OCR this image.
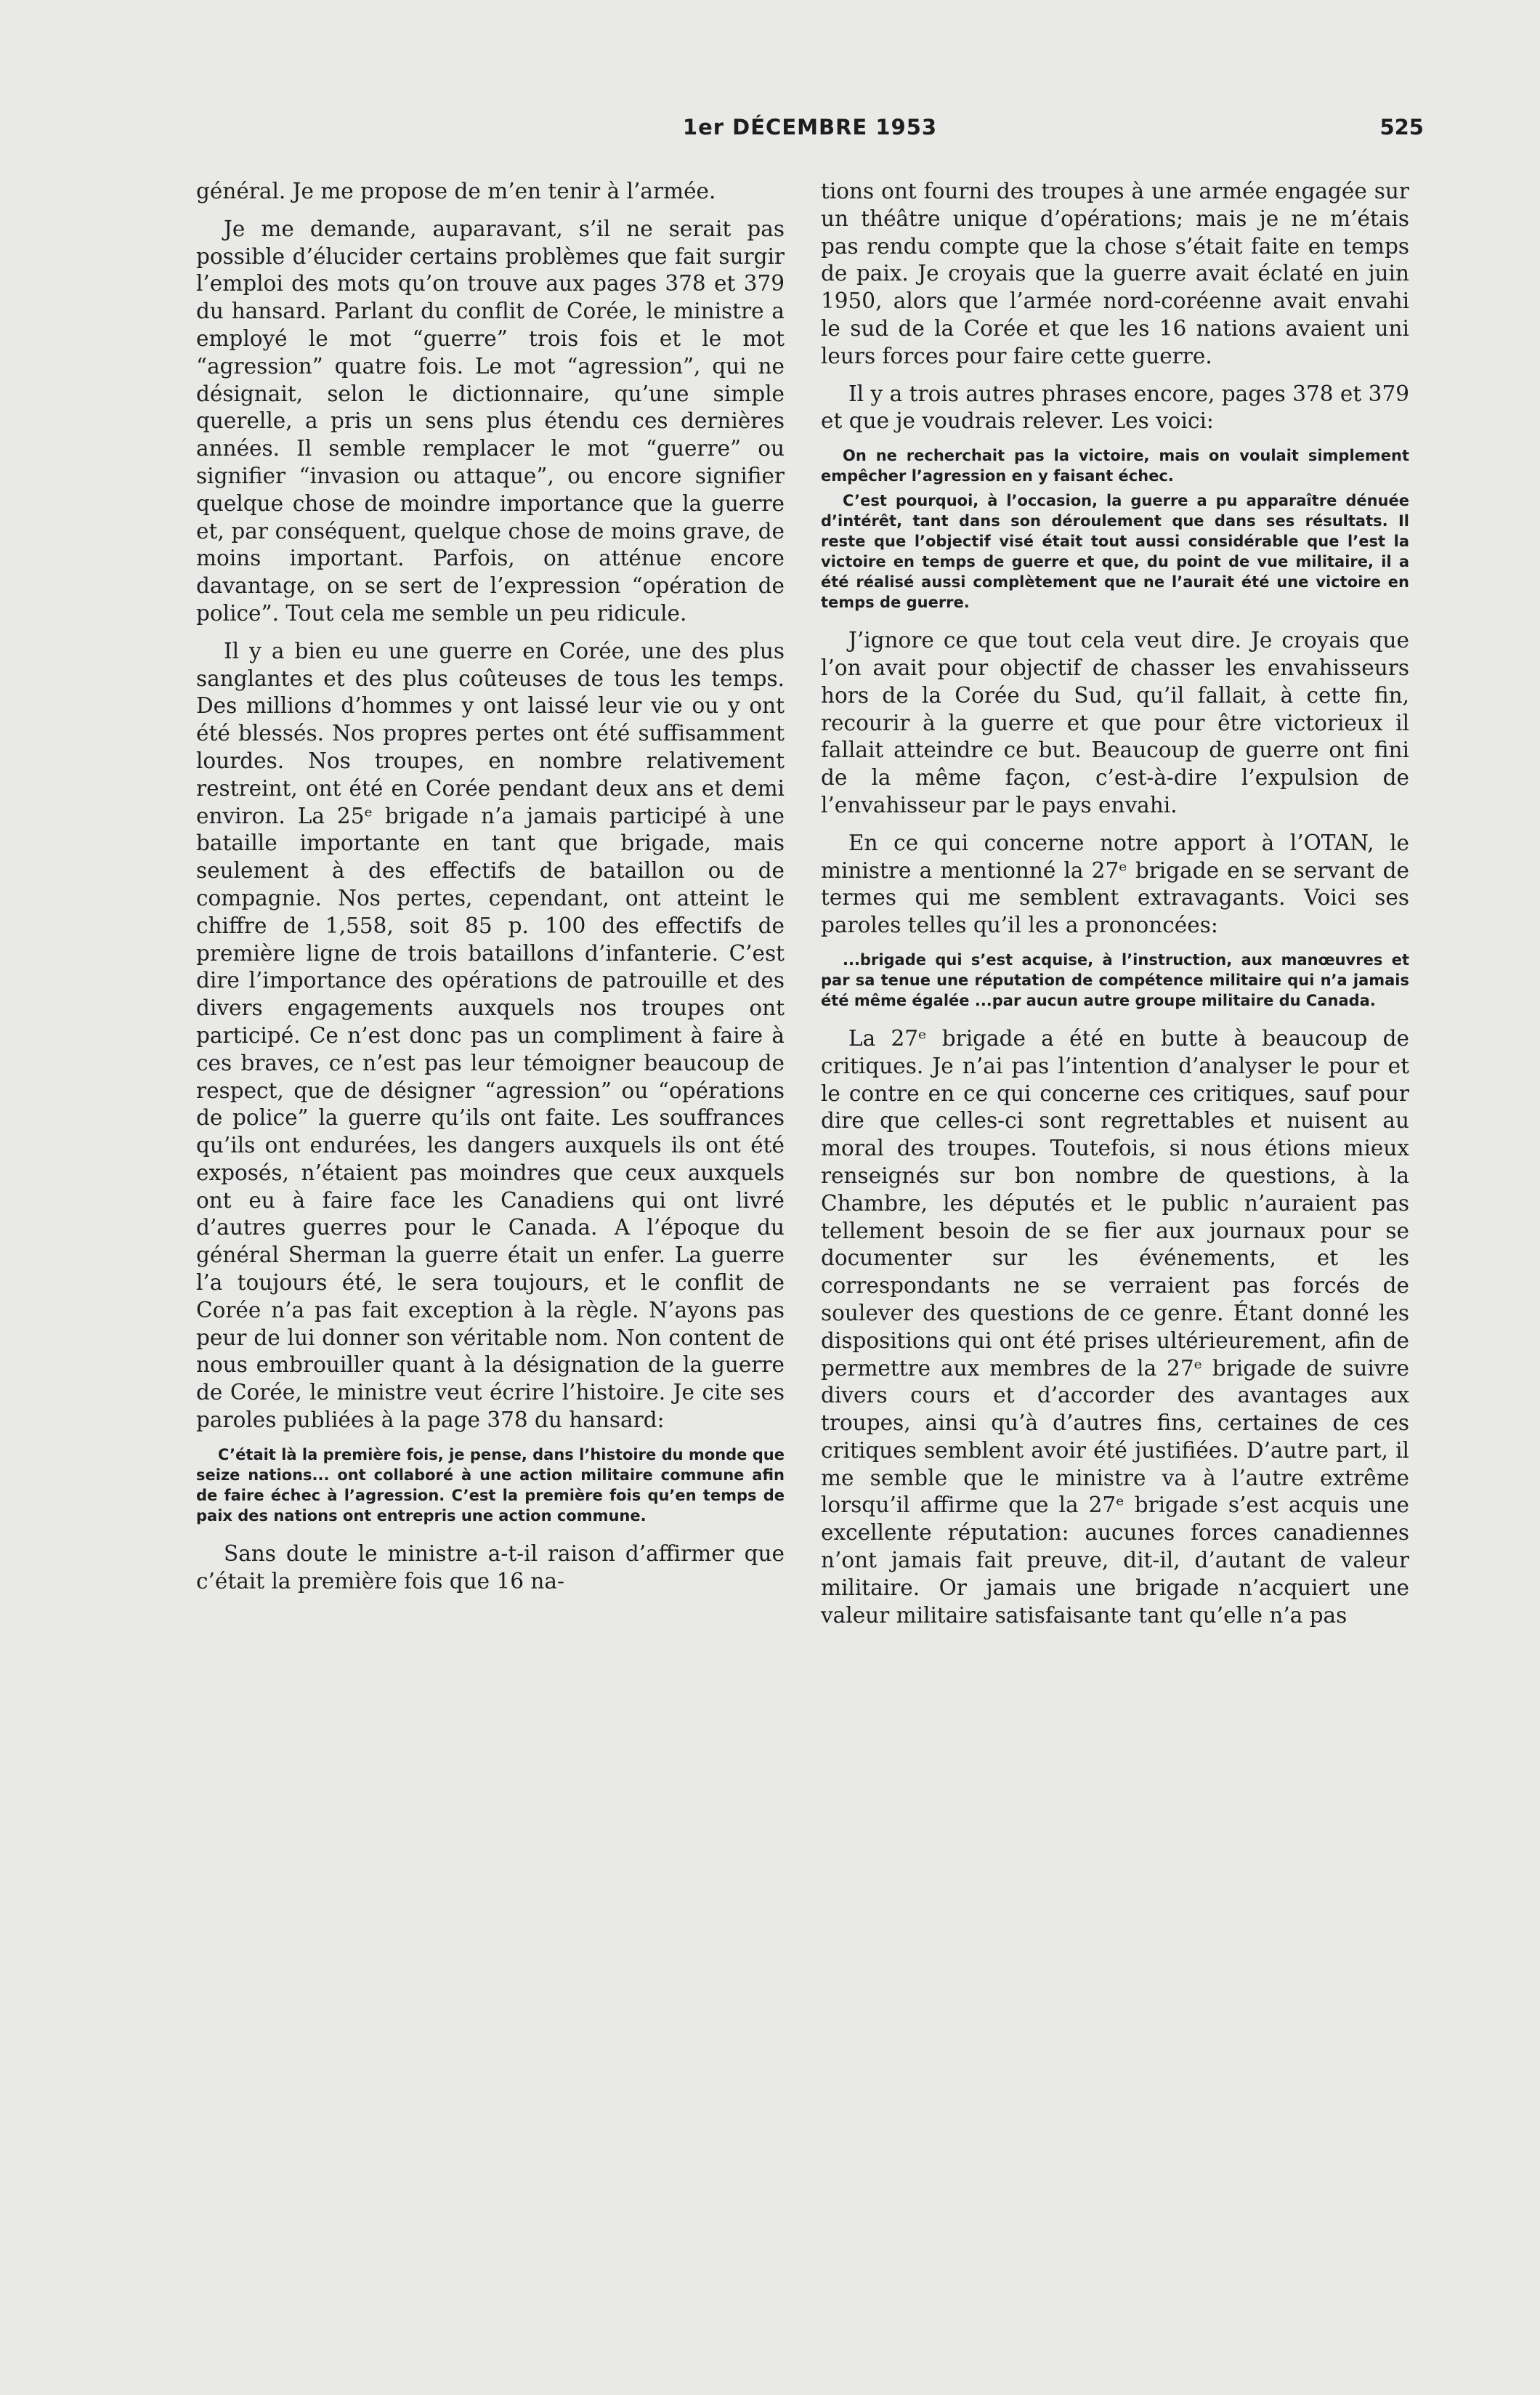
1er DÉCEMBRE 1953	525

général. Je me propose de m’en tenir à l’armée.

Je me demande, auparavant, s’il ne serait pas possible d’élucider certains problèmes que fait surgir l’emploi des mots qu’on trouve aux pages 378 et 379 du hansard. Parlant du conflit de Corée, le ministre a employé le mot “guerre” trois fois et le mot “agression” quatre fois. Le mot “agression”, qui ne désignait, selon le dictionnaire, qu’une simple querelle, a pris un sens plus étendu ces dernières années. Il semble remplacer le mot “guerre” ou signifier “invasion ou attaque”, ou encore signifier quelque chose de moindre importance que la guerre et, par conséquent, quelque chose de moins grave, de moins important. Parfois, on atténue encore davantage, on se sert de l’expression “opération de police”. Tout cela me semble un peu ridicule.

Il y a bien eu une guerre en Corée, une des plus sanglantes et des plus coûteuses de tous les temps. Des millions d’hommes y ont laissé leur vie ou y ont été blessés. Nos propres pertes ont été suffisamment lourdes. Nos troupes, en nombre relativement restreint, ont été en Corée pendant deux ans et demi environ. La 25ᵉ brigade n’a jamais participé à une bataille importante en tant que brigade, mais seulement à des effectifs de bataillon ou de compagnie. Nos pertes, cependant, ont atteint le chiffre de 1,558, soit 85 p. 100 des effectifs de première ligne de trois bataillons d’infanterie. C’est dire l’importance des opérations de patrouille et des divers engagements auxquels nos troupes ont participé. Ce n’est donc pas un compliment à faire à ces braves, ce n’est pas leur témoigner beaucoup de respect, que de désigner “agression” ou “opérations de police” la guerre qu’ils ont faite. Les souffrances qu’ils ont endurées, les dangers auxquels ils ont été exposés, n’étaient pas moindres que ceux auxquels ont eu à faire face les Canadiens qui ont livré d’autres guerres pour le Canada. A l’époque du général Sherman la guerre était un enfer. La guerre l’a toujours été, le sera toujours, et le conflit de Corée n’a pas fait exception à la règle. N’ayons pas peur de lui donner son véritable nom. Non content de nous embrouiller quant à la désignation de la guerre de Corée, le ministre veut écrire l’histoire. Je cite ses paroles publiées à la page 378 du hansard:

C’était là la première fois, je pense, dans l’histoire du monde que seize nations... ont collaboré à une action militaire commune afin de faire échec à l’agression. C’est la première fois qu’en temps de paix des nations ont entrepris une action commune.

Sans doute le ministre a-t-il raison d’affirmer que c’était la première fois que 16 na-

tions ont fourni des troupes à une armée engagée sur un théâtre unique d’opérations; mais je ne m’étais pas rendu compte que la chose s’était faite en temps de paix. Je croyais que la guerre avait éclaté en juin 1950, alors que l’armée nord-coréenne avait envahi le sud de la Corée et que les 16 nations avaient uni leurs forces pour faire cette guerre.

Il y a trois autres phrases encore, pages 378 et 379 et que je voudrais relever. Les voici:

On ne recherchait pas la victoire, mais on voulait simplement empêcher l’agression en y faisant échec.

C’est pourquoi, à l’occasion, la guerre a pu apparaître dénuée d’intérêt, tant dans son déroulement que dans ses résultats. Il reste que l’objectif visé était tout aussi considérable que l’est la victoire en temps de guerre et que, du point de vue militaire, il a été réalisé aussi complètement que ne l’aurait été une victoire en temps de guerre.

J’ignore ce que tout cela veut dire. Je croyais que l’on avait pour objectif de chasser les envahisseurs hors de la Corée du Sud, qu’il fallait, à cette fin, recourir à la guerre et que pour être victorieux il fallait atteindre ce but. Beaucoup de guerre ont fini de la même façon, c’est-à-dire l’expulsion de l’envahisseur par le pays envahi.

En ce qui concerne notre apport à l’OTAN, le ministre a mentionné la 27ᵉ brigade en se servant de termes qui me semblent extravagants. Voici ses paroles telles qu’il les a prononcées:

...brigade qui s’est acquise, à l’instruction, aux manœuvres et par sa tenue une réputation de compétence militaire qui n’a jamais été même égalée ...par aucun autre groupe militaire du Canada.

La 27ᵉ brigade a été en butte à beaucoup de critiques. Je n’ai pas l’intention d’analyser le pour et le contre en ce qui concerne ces critiques, sauf pour dire que celles-ci sont regrettables et nuisent au moral des troupes. Toutefois, si nous étions mieux renseignés sur bon nombre de questions, à la Chambre, les députés et le public n’auraient pas tellement besoin de se fier aux journaux pour se documenter sur les événements, et les correspondants ne se verraient pas forcés de soulever des questions de ce genre. Étant donné les dispositions qui ont été prises ultérieurement, afin de permettre aux membres de la 27ᵉ brigade de suivre divers cours et d’accorder des avantages aux troupes, ainsi qu’à d’autres fins, certaines de ces critiques semblent avoir été justifiées. D’autre part, il me semble que le ministre va à l’autre extrême lorsqu’il affirme que la 27ᵉ brigade s’est acquis une excellente réputation: aucunes forces canadiennes n’ont jamais fait preuve, dit-il, d’autant de valeur militaire. Or jamais une brigade n’acquiert une valeur militaire satisfaisante tant qu’elle n’a pas
